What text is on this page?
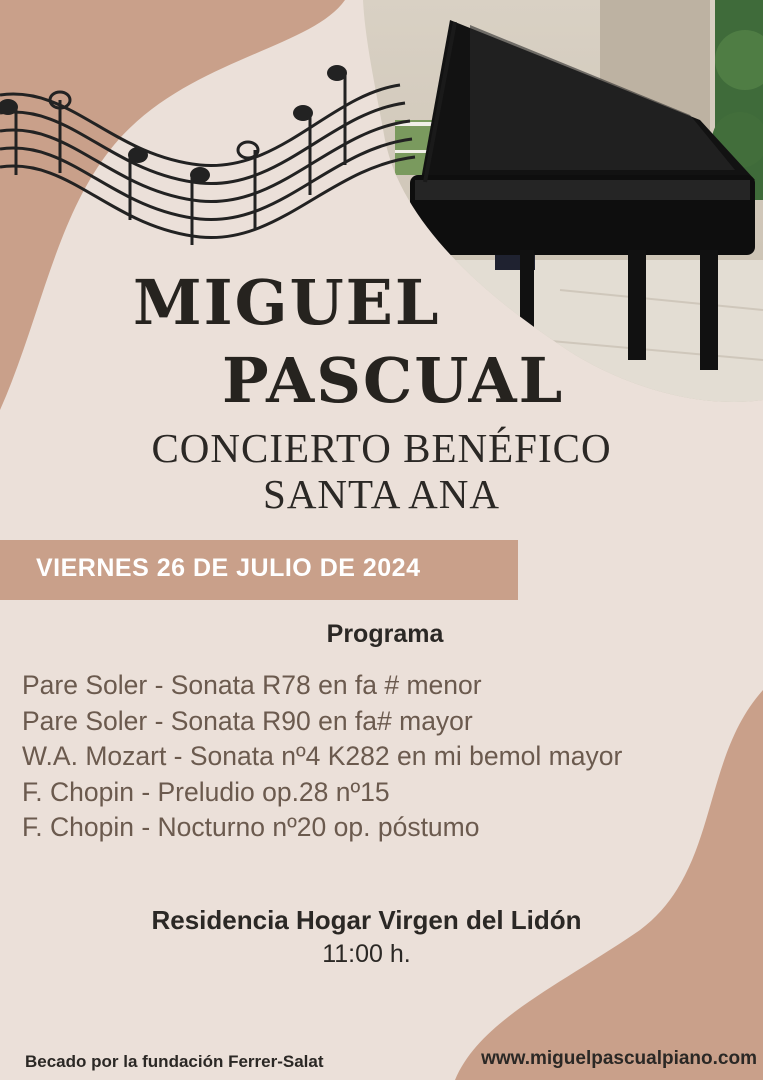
MIGUEL
PASCUAL
CONCIERTO BENÉFICO
SANTA ANA
VIERNES 26 DE JULIO DE 2024
Programa
Pare Soler - Sonata R78 en fa # menor
Pare Soler - Sonata R90 en fa# mayor
W.A. Mozart - Sonata nº4 K282 en mi bemol mayor
F. Chopin - Preludio op.28 nº15
F. Chopin - Nocturno nº20 op. póstumo
Residencia Hogar Virgen del Lidón
11:00 h.
Becado por la fundación Ferrer-Salat	www.miguelpascualpiano.com
